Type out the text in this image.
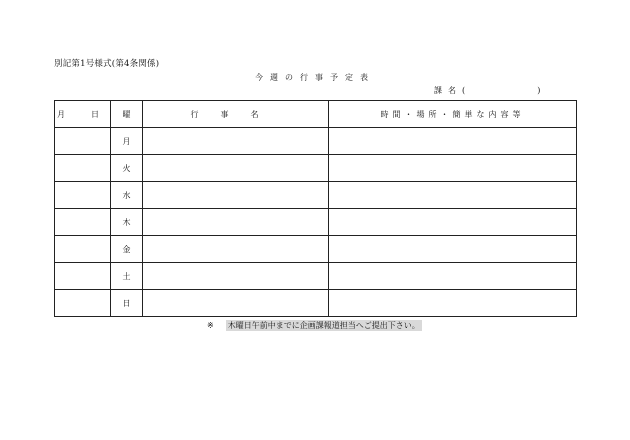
別記第1号様式(第4条関係)
今週の行事予定表
課名(	)
月　日	曜	行事名	時間・場所・簡単な内容等
	月		
	火		
	水		
	木		
	金		
	土		
	日		
※ 木曜日午前中までに企画課報道担当へご提出下さい。
